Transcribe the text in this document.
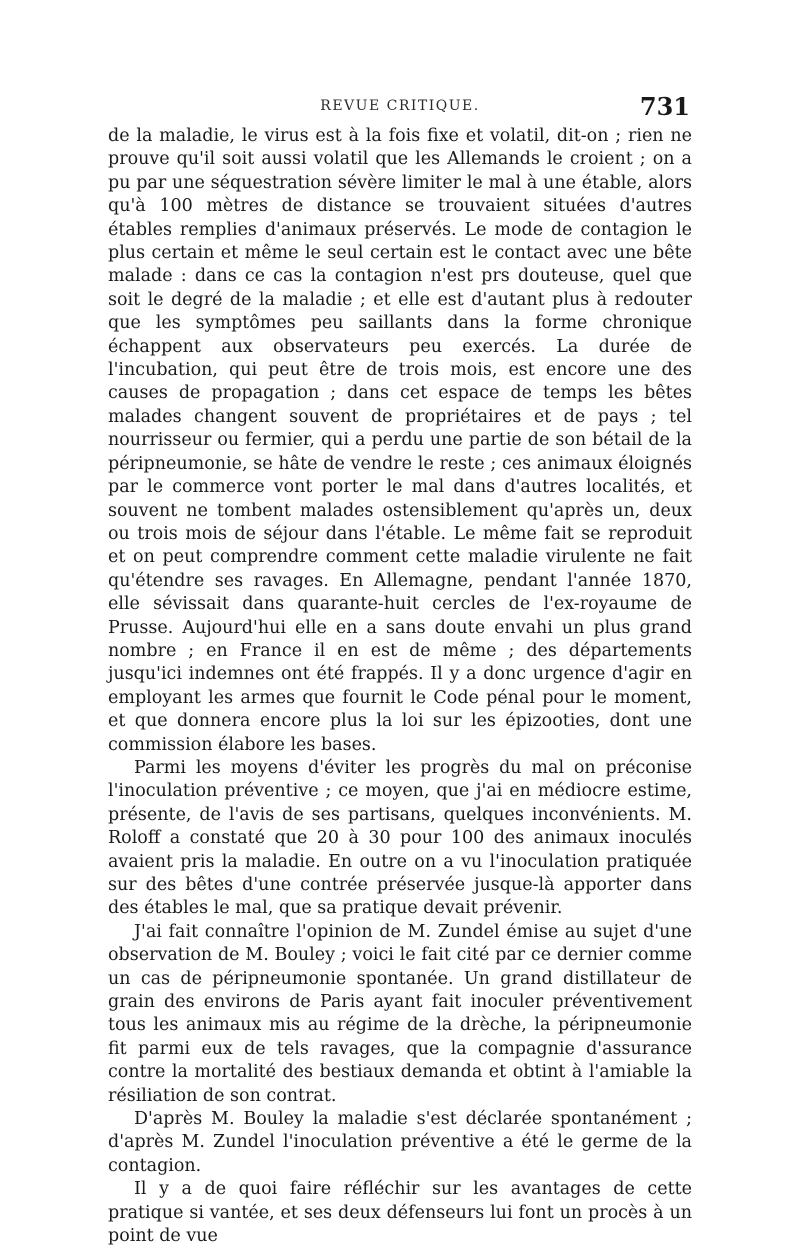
REVUE CRITIQUE.	731

de la maladie, le virus est à la fois fixe et volatil, dit-on ; rien ne prouve qu'il soit aussi volatil que les Allemands le croient ; on a pu par une séquestration sévère limiter le mal à une étable, alors qu'à 100 mètres de distance se trouvaient situées d'autres étables remplies d'animaux préservés. Le mode de contagion le plus certain et même le seul certain est le contact avec une bête malade : dans ce cas la contagion n'est prs douteuse, quel que soit le degré de la maladie ; et elle est d'autant plus à redouter que les symptômes peu saillants dans la forme chronique échappent aux observateurs peu exercés. La durée de l'incubation, qui peut être de trois mois, est encore une des causes de propagation ; dans cet espace de temps les bêtes malades changent souvent de propriétaires et de pays ; tel nourrisseur ou fermier, qui a perdu une partie de son bétail de la péripneumonie, se hâte de vendre le reste ; ces animaux éloignés par le commerce vont porter le mal dans d'autres localités, et souvent ne tombent malades ostensiblement qu'après un, deux ou trois mois de séjour dans l'étable. Le même fait se reproduit et on peut comprendre comment cette maladie virulente ne fait qu'étendre ses ravages. En Allemagne, pendant l'année 1870, elle sévissait dans quarante-huit cercles de l'ex-royaume de Prusse. Aujourd'hui elle en a sans doute envahi un plus grand nombre ; en France il en est de même ; des départements jusqu'ici indemnes ont été frappés. Il y a donc urgence d'agir en employant les armes que fournit le Code pénal pour le moment, et que donnera encore plus la loi sur les épizooties, dont une commission élabore les bases.

Parmi les moyens d'éviter les progrès du mal on préconise l'inoculation préventive ; ce moyen, que j'ai en médiocre estime, présente, de l'avis de ses partisans, quelques inconvénients. M. Roloff a constaté que 20 à 30 pour 100 des animaux inoculés avaient pris la maladie. En outre on a vu l'inoculation pratiquée sur des bêtes d'une contrée préservée jusque-là apporter dans des étables le mal, que sa pratique devait prévenir.

J'ai fait connaître l'opinion de M. Zundel émise au sujet d'une observation de M. Bouley ; voici le fait cité par ce dernier comme un cas de péripneumonie spontanée. Un grand distillateur de grain des environs de Paris ayant fait inoculer préventivement tous les animaux mis au régime de la drèche, la péripneumonie fit parmi eux de tels ravages, que la compagnie d'assurance contre la mortalité des bestiaux demanda et obtint à l'amiable la résiliation de son contrat.

D'après M. Bouley la maladie s'est déclarée spontanément ; d'après M. Zundel l'inoculation préventive a été le germe de la contagion.

Il y a de quoi faire réfléchir sur les avantages de cette pratique si vantée, et ses deux défenseurs lui font un procès à un point de vue
